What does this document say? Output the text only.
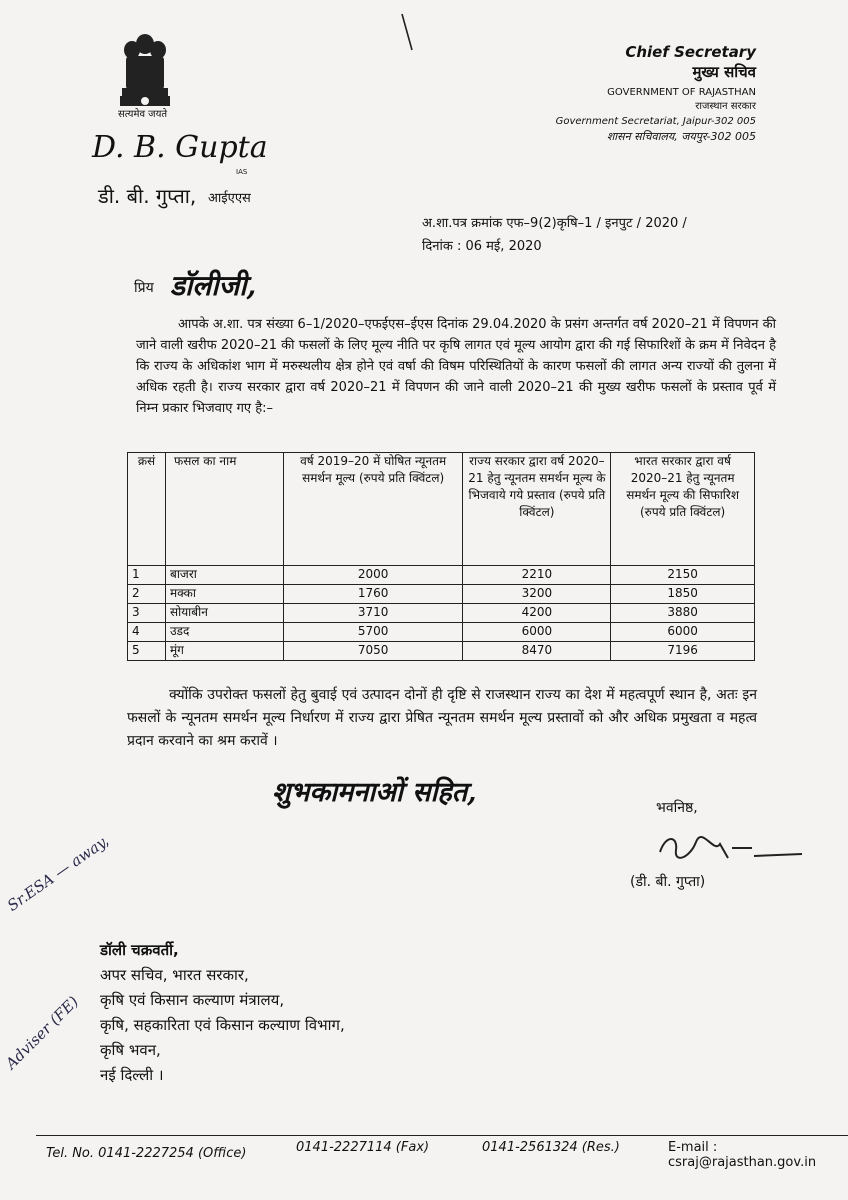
सत्यमेव जयते
D. B. Gupta
IAS
डी. बी. गुप्ता, आईएएस
Chief Secretary
मुख्य सचिव
GOVERNMENT OF RAJASTHAN
राजस्थान सरकार
Government Secretariat, Jaipur-302 005
शासन सचिवालय, जयपुर-302 005
अ.शा.पत्र क्रमांक एफ–9(2)कृषि–1 / इनपुट / 2020 /
दिनांक : 06 मई, 2020
प्रिय डॉलीजी,
आपके अ.शा. पत्र संख्या 6–1/2020–एफईएस–ईएस दिनांक 29.04.2020 के प्रसंग अन्तर्गत वर्ष 2020–21 में विपणन की जाने वाली खरीफ 2020–21 की फसलों के लिए मूल्य नीति पर कृषि लागत एवं मूल्य आयोग द्वारा की गई सिफारिशों के क्रम में निवेदन है कि राज्य के अधिकांश भाग में मरुस्थलीय क्षेत्र होने एवं वर्षा की विषम परिस्थितियों के कारण फसलों की लागत अन्य राज्यों की तुलना में अधिक रहती है। राज्य सरकार द्वारा वर्ष 2020–21 में विपणन की जाने वाली 2020–21 की मुख्य खरीफ फसलों के प्रस्ताव पूर्व में निम्न प्रकार भिजवाए गए है:–
क्रसं	फसल का नाम	वर्ष 2019–20 में घोषित न्यूनतम समर्थन मूल्य (रुपये प्रति क्विंटल)	राज्य सरकार द्वारा वर्ष 2020–21 हेतु न्यूनतम समर्थन मूल्य के भिजवाये गये प्रस्ताव (रुपये प्रति क्विंटल)	भारत सरकार द्वारा वर्ष 2020–21 हेतु न्यूनतम समर्थन मूल्य की सिफारिश (रुपये प्रति क्विंटल)
1	बाजरा	2000	2210	2150
2	मक्का	1760	3200	1850
3	सोयाबीन	3710	4200	3880
4	उडद	5700	6000	6000
5	मूंग	7050	8470	7196
क्योंकि उपरोक्त फसलों हेतु बुवाई एवं उत्पादन दोनों ही दृष्टि से राजस्थान राज्य का देश में महत्वपूर्ण स्थान है, अतः इन फसलों के न्यूनतम समर्थन मूल्य निर्धारण में राज्य द्वारा प्रेषित न्यूनतम समर्थन मूल्य प्रस्तावों को और अधिक प्रमुखता व महत्व प्रदान करवाने का श्रम करावें ।
शुभकामनाओं सहित,	भवनिष्ठ,
(डी. बी. गुप्ता)
डॉली चक्रवर्ती,
अपर सचिव, भारत सरकार,
कृषि एवं किसान कल्याण मंत्रालय,
कृषि, सहकारिता एवं किसान कल्याण विभाग,
कृषि भवन,
नई दिल्ली ।
Sr.ESA — away,
Adviser (FE)
Tel. No. 0141-2227254 (Office)	0141-2227114 (Fax)	0141-2561324 (Res.)	E-mail : csraj@rajasthan.gov.in
